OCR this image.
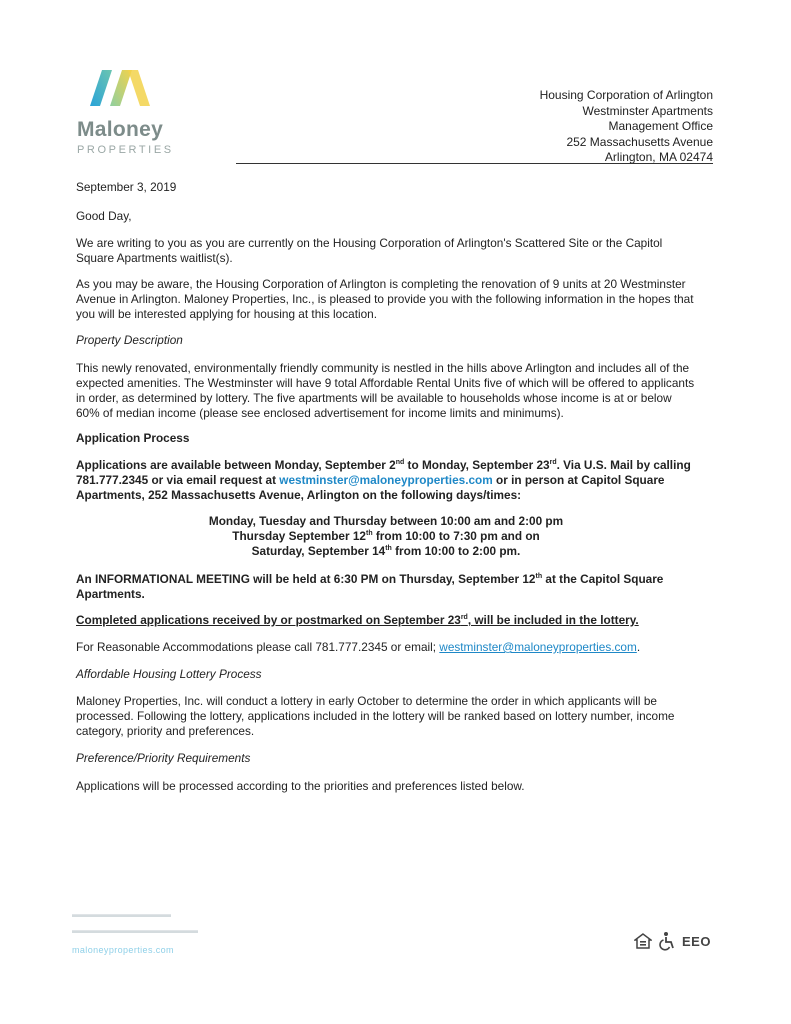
Maloney
PROPERTIES
Housing Corporation of Arlington
Westminster Apartments
Management Office
252 Massachusetts Avenue
Arlington, MA 02474
September 3, 2019
Good Day,
We are writing to you as you are currently on the Housing Corporation of Arlington's Scattered Site or the Capitol Square Apartments waitlist(s).
As you may be aware, the Housing Corporation of Arlington is completing the renovation of 9 units at 20 Westminster Avenue in Arlington. Maloney Properties, Inc., is pleased to provide you with the following information in the hopes that you will be interested applying for housing at this location.
Property Description
This newly renovated, environmentally friendly community is nestled in the hills above Arlington and includes all of the expected amenities. The Westminster will have 9 total Affordable Rental Units five of which will be offered to applicants in order, as determined by lottery. The five apartments will be available to households whose income is at or below 60% of median income (please see enclosed advertisement for income limits and minimums).
Application Process
Applications are available between Monday, September 2nd to Monday, September 23rd. Via U.S. Mail by calling 781.777.2345 or via email request at westminster@maloneyproperties.com or in person at Capitol Square Apartments, 252 Massachusetts Avenue, Arlington on the following days/times:
Monday, Tuesday and Thursday between 10:00 am and 2:00 pm
Thursday September 12th from 10:00 to 7:30 pm and on
Saturday, September 14th from 10:00 to 2:00 pm.
An INFORMATIONAL MEETING will be held at 6:30 PM on Thursday, September 12th at the Capitol Square Apartments.
Completed applications received by or postmarked on September 23rd, will be included in the lottery.
For Reasonable Accommodations please call 781.777.2345 or email; westminster@maloneyproperties.com.
Affordable Housing Lottery Process
Maloney Properties, Inc. will conduct a lottery in early October to determine the order in which applicants will be processed. Following the lottery, applications included in the lottery will be ranked based on lottery number, income category, priority and preferences.
Preference/Priority Requirements
Applications will be processed according to the priorities and preferences listed below.
▬▬▬▬▬▬▬▬▬▬▬
▬▬▬▬▬▬▬▬▬▬▬▬▬▬
maloneyproperties.com
EEO
